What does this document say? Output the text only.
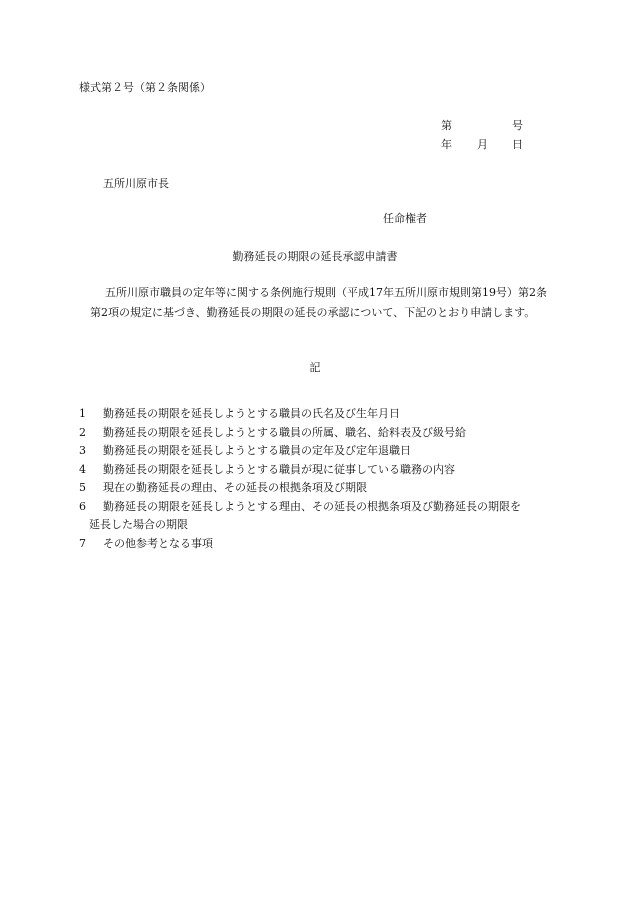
様式第２号（第２条関係）
第	号
年 月 日
五所川原市長
任命権者
勤務延長の期限の延長承認申請書
五所川原市職員の定年等に関する条例施行規則（平成17年五所川原市規則第19号）第2条第2項の規定に基づき、勤務延長の期限の延長の承認について、下記のとおり申請します。
記
1	勤務延長の期限を延長しようとする職員の氏名及び生年月日
2	勤務延長の期限を延長しようとする職員の所属、職名、給料表及び級号給
3	勤務延長の期限を延長しようとする職員の定年及び定年退職日
4	勤務延長の期限を延長しようとする職員が現に従事している職務の内容
5	現在の勤務延長の理由、その延長の根拠条項及び期限
6	勤務延長の期限を延長しようとする理由、その延長の根拠条項及び勤務延長の期限を
延長した場合の期限
7	その他参考となる事項
